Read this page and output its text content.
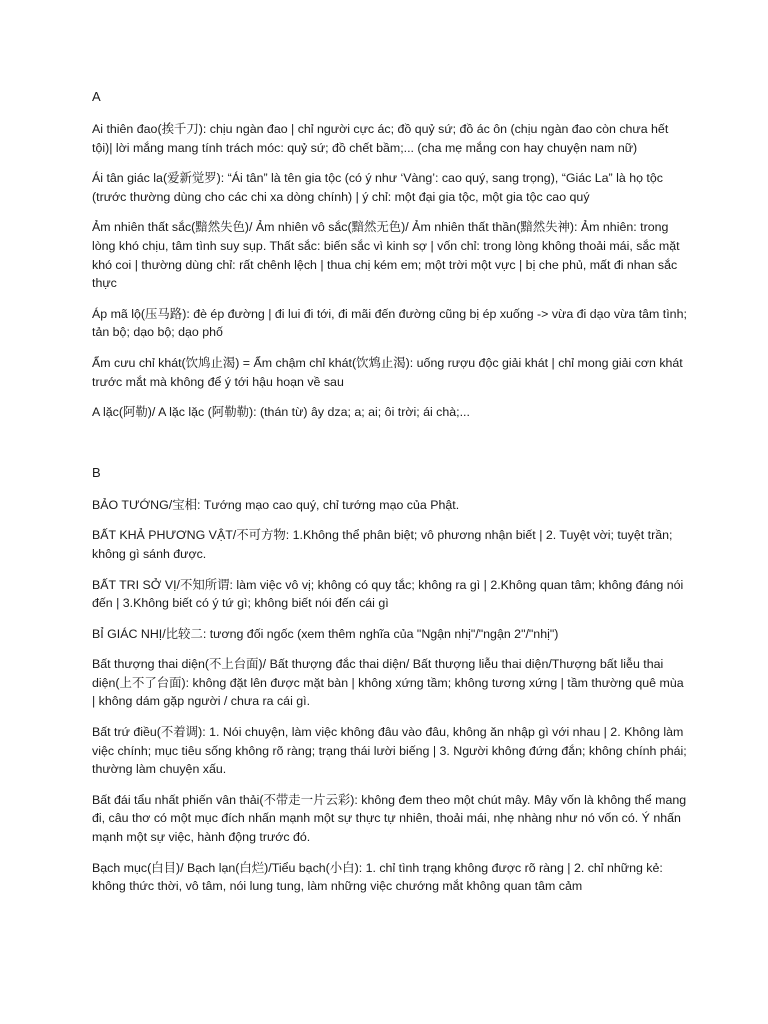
A

Ai thiên đao(挨千刀): chịu ngàn đao | chỉ người cực ác; đồ quỷ sứ; đồ ác ôn (chịu ngàn đao còn chưa hết tội)| lời mắng mang tính trách móc: quỷ sứ; đồ chết bầm;... (cha mẹ mắng con hay chuyện nam nữ)

Ái tân giác la(爱新觉罗): “Ái tân” là tên gia tộc (có ý như ‘Vàng’: cao quý, sang trọng), “Giác La” là họ tộc (trước thường dùng cho các chi xa dòng chính) | ý chỉ: một đại gia tộc, một gia tộc cao quý

Ảm nhiên thất sắc(黯然失色)/ Ảm nhiên vô sắc(黯然无色)/ Ảm nhiên thất thần(黯然失神): Ảm nhiên: trong lòng khó chịu, tâm tình suy sụp. Thất sắc: biến sắc vì kinh sợ | vốn chỉ: trong lòng không thoải mái, sắc mặt khó coi | thường dùng chỉ: rất chênh lệch | thua chị kém em; một trời một vực | bị che phủ, mất đi nhan sắc thực

Áp mã lộ(压马路): đè ép đường | đi lui đi tới, đi mãi đến đường cũng bị ép xuống -> vừa đi dạo vừa tâm tình; tản bộ; dạo bộ; dạo phố

Ẩm cưu chỉ khát(饮鸠止渴) = Ẩm chậm chỉ khát(饮鸩止渴): uống rượu độc giải khát | chỉ mong giải cơn khát trước mắt mà không để ý tới hậu hoạn về sau

A lặc(阿勒)/ A lặc lặc (阿勒勒): (thán từ) ây dza; a; ai; ôi trời; ái chà;...

B

BẢO TƯỚNG/宝相: Tướng mạo cao quý, chỉ tướng mạo của Phật.

BẤT KHẢ PHƯƠNG VẬT/不可方物: 1.Không thể phân biệt; vô phương nhận biết | 2. Tuyệt vời; tuyệt trần; không gì sánh được.

BẤT TRI SỞ VỊ/不知所谓: làm việc vô vị; không có quy tắc; không ra gì | 2.Không quan tâm; không đáng nói đến | 3.Không biết có ý tứ gì; không biết nói đến cái gì

BỈ GIÁC NHỊ/比较二: tương đối ngốc (xem thêm nghĩa của "Ngận nhị"/"ngận 2"/"nhị")

Bất thượng thai diện(不上台面)/ Bất thượng đắc thai diện/ Bất thượng liễu thai diện/Thượng bất liễu thai diện(上不了台面): không đặt lên được mặt bàn | không xứng tầm; không tương xứng | tầm thường quê mùa | không dám gặp người / chưa ra cái gì.

Bất trứ điều(不着调): 1. Nói chuyện, làm việc không đâu vào đâu, không ăn nhập gì với nhau | 2. Không làm việc chính; mục tiêu sống không rõ ràng; trạng thái lười biếng | 3. Người không đứng đắn; không chính phái; thường làm chuyện xấu.

Bất đái tẩu nhất phiến vân thải(不带走一片云彩): không đem theo một chút mây. Mây vốn là không thể mang đi, câu thơ có một mục đích nhấn mạnh một sự thực tự nhiên, thoải mái, nhẹ nhàng như nó vốn có. Ý nhấn mạnh một sự việc, hành động trước đó.

Bạch mục(白目)/ Bạch lạn(白烂)/Tiểu bạch(小白): 1. chỉ tình trạng không được rõ ràng | 2. chỉ những kẻ: không thức thời, vô tâm, nói lung tung, làm những việc chướng mắt không quan tâm cảm
